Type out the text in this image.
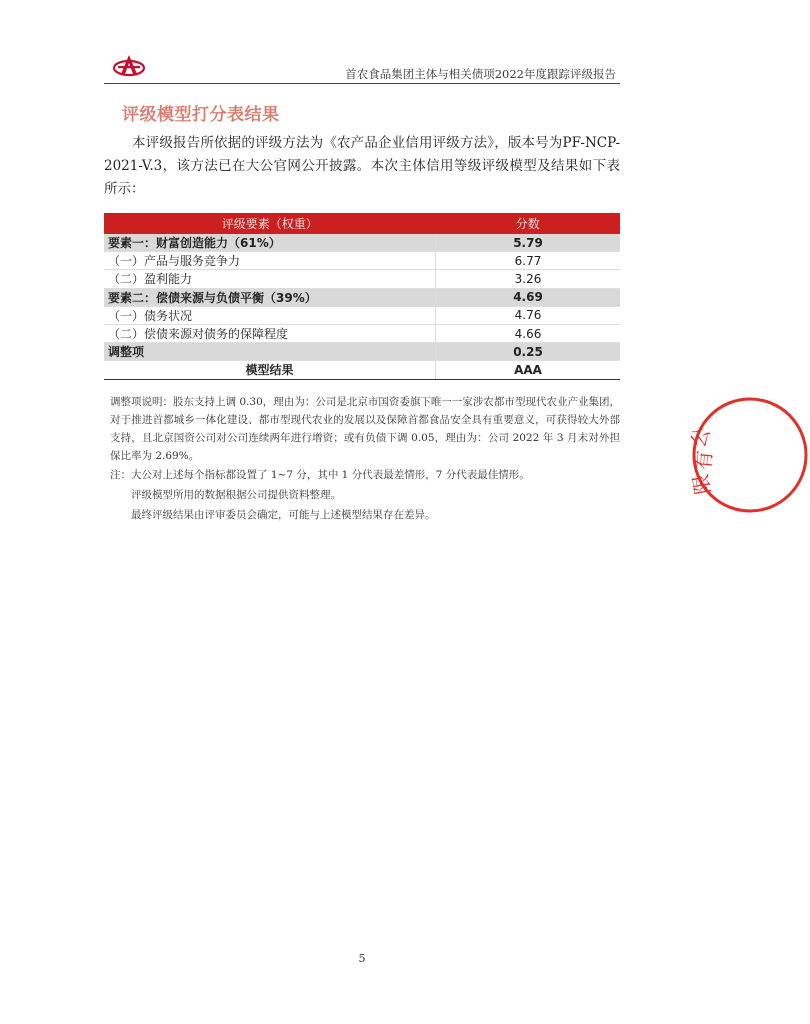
首农食品集团主体与相关债项2022年度跟踪评级报告
评级模型打分表结果
本评级报告所依据的评级方法为《农产品企业信用评级方法》，版本号为PF-NCP-2021-V.3，该方法已在大公官网公开披露。本次主体信用等级评级模型及结果如下表所示：
评级要素（权重）	分数
要素一：财富创造能力（61%）	5.79
（一）产品与服务竞争力	6.77
（二）盈利能力	3.26
要素二：偿债来源与负债平衡（39%）	4.69
（一）债务状况	4.76
（二）偿债来源对债务的保障程度	4.66
调整项	0.25
模型结果	AAA
调整项说明：股东支持上调 0.30，理由为：公司是北京市国资委旗下唯一一家涉农都市型现代农业产业集团，对于推进首都城乡一体化建设、都市型现代农业的发展以及保障首都食品安全具有重要意义，可获得较大外部支持，且北京国资公司对公司连续两年进行增资；或有负债下调 0.05，理由为：公司 2022 年 3 月末对外担保比率为 2.69%。
注：大公对上述每个指标都设置了 1~7 分，其中 1 分代表最差情形，7 分代表最佳情形。
评级模型所用的数据根据公司提供资料整理。
最终评级结果由评审委员会确定，可能与上述模型结果存在差异。
公
有
限
5
